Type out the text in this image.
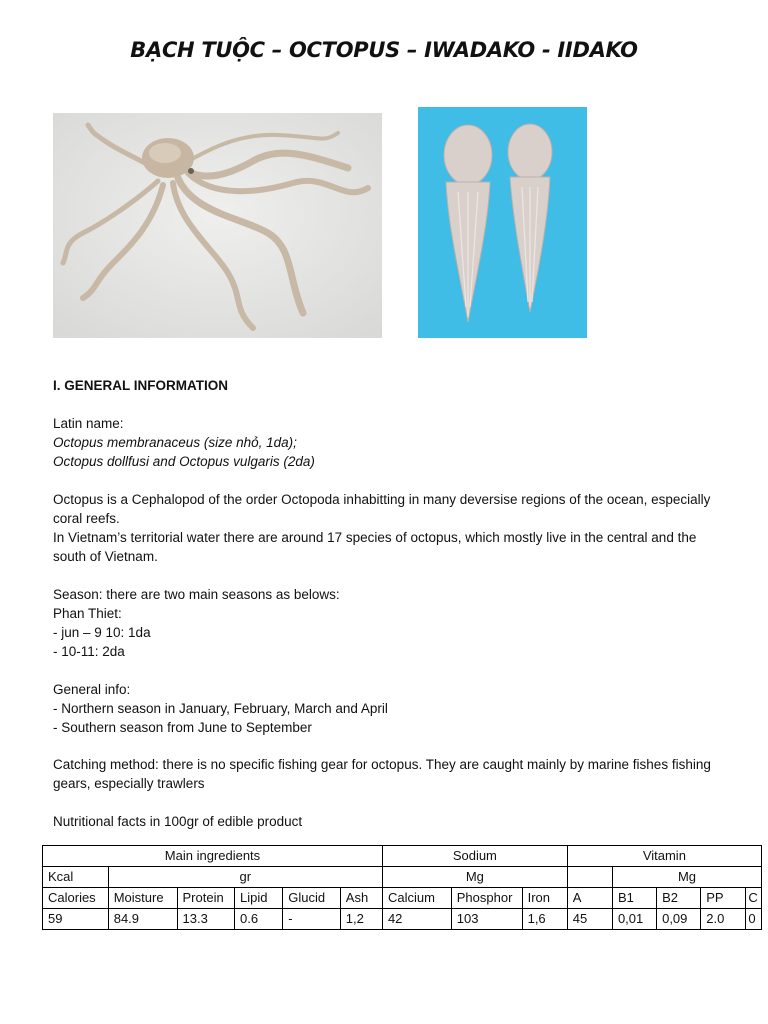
BẠCH TUỘC – OCTOPUS – IWADAKO - IIDAKO
I. GENERAL INFORMATION
Latin name:
Octopus membranaceus (size nhỏ, 1da);
Octopus dollfusi and Octopus vulgaris (2da)
Octopus is a Cephalopod of the order Octopoda inhabitting in many deversise regions of the ocean, especially
coral reefs.
In Vietnam’s territorial water there are around 17 species of octopus, which mostly live in the central and the
south of Vietnam.
Season: there are two main seasons as belows:
Phan Thiet:
- jun – 9 10: 1da
- 10-11: 2da
General info:
- Northern season in January, February, March and April
- Southern season from June to September
Catching method: there is no specific fishing gear for octopus. They are caught mainly by marine fishes fishing
gears, especially trawlers
Nutritional facts in 100gr of edible product
Main ingredients						Sodium			Vitamin				
Kcal	gr					Mg				Mg			
Calories	Moisture	Protein	Lipid	Glucid	Ash	Calcium	Phosphor	Iron	A	B1	B2	PP	C
59	84.9	13.3	0.6	-	1,2	42	103	1,6	45	0,01	0,09	2.0	0
